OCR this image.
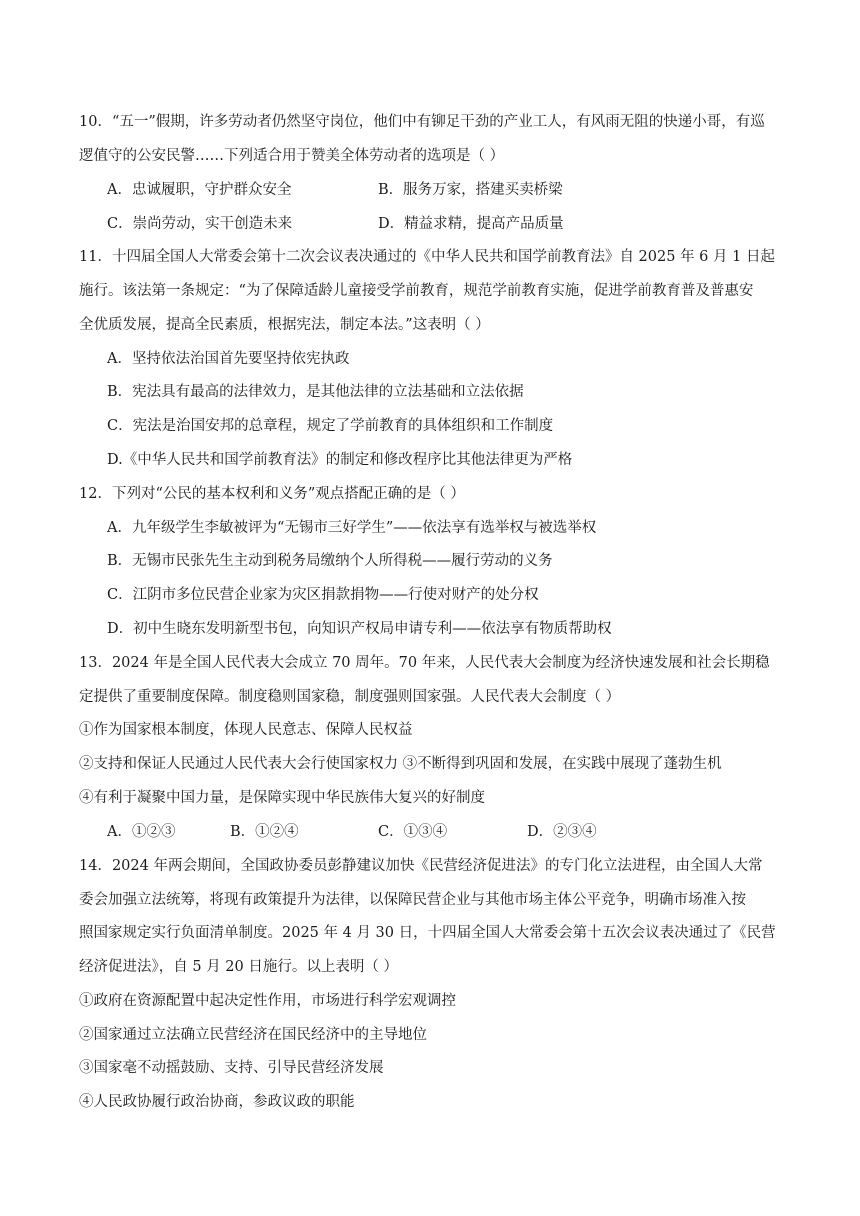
10．“五一”假期，许多劳动者仍然坚守岗位，他们中有铆足干劲的产业工人，有风雨无阻的快递小哥，有巡
逻值守的公安民警……下列适合用于赞美全体劳动者的选项是（ ）
A．忠诚履职，守护群众安全	B．服务万家，搭建买卖桥梁
C．崇尚劳动，实干创造未来	D．精益求精，提高产品质量
11．十四届全国人大常委会第十二次会议表决通过的《中华人民共和国学前教育法》自 2025 年 6 月 1 日起
施行。该法第一条规定：“为了保障适龄儿童接受学前教育，规范学前教育实施，促进学前教育普及普惠安
全优质发展，提高全民素质，根据宪法，制定本法。”这表明（ ）
A．坚持依法治国首先要坚持依宪执政
B．宪法具有最高的法律效力，是其他法律的立法基础和立法依据
C．宪法是治国安邦的总章程，规定了学前教育的具体组织和工作制度
D.《中华人民共和国学前教育法》的制定和修改程序比其他法律更为严格
12．下列对“公民的基本权利和义务”观点搭配正确的是（ ）
A．九年级学生李敏被评为“无锡市三好学生”——依法享有选举权与被选举权
B．无锡市民张先生主动到税务局缴纳个人所得税——履行劳动的义务
C．江阴市多位民营企业家为灾区捐款捐物——行使对财产的处分权
D．初中生晓东发明新型书包，向知识产权局申请专利——依法享有物质帮助权
13．2024 年是全国人民代表大会成立 70 周年。70 年来，人民代表大会制度为经济快速发展和社会长期稳
定提供了重要制度保障。制度稳则国家稳，制度强则国家强。人民代表大会制度（ ）
①作为国家根本制度，体现人民意志、保障人民权益
②支持和保证人民通过人民代表大会行使国家权力 ③不断得到巩固和发展，在实践中展现了蓬勃生机
④有利于凝聚中国力量，是保障实现中华民族伟大复兴的好制度
A．①②③	B．①②④	C．①③④	D．②③④
14．2024 年两会期间，全国政协委员彭静建议加快《民营经济促进法》的专门化立法进程，由全国人大常
委会加强立法统筹，将现有政策提升为法律，以保障民营企业与其他市场主体公平竞争，明确市场准入按
照国家规定实行负面清单制度。2025 年 4 月 30 日，十四届全国人大常委会第十五次会议表决通过了《民营
经济促进法》，自 5 月 20 日施行。以上表明（ ）
①政府在资源配置中起决定性作用，市场进行科学宏观调控
②国家通过立法确立民营经济在国民经济中的主导地位
③国家毫不动摇鼓励、支持、引导民营经济发展
④人民政协履行政治协商，参政议政的职能
